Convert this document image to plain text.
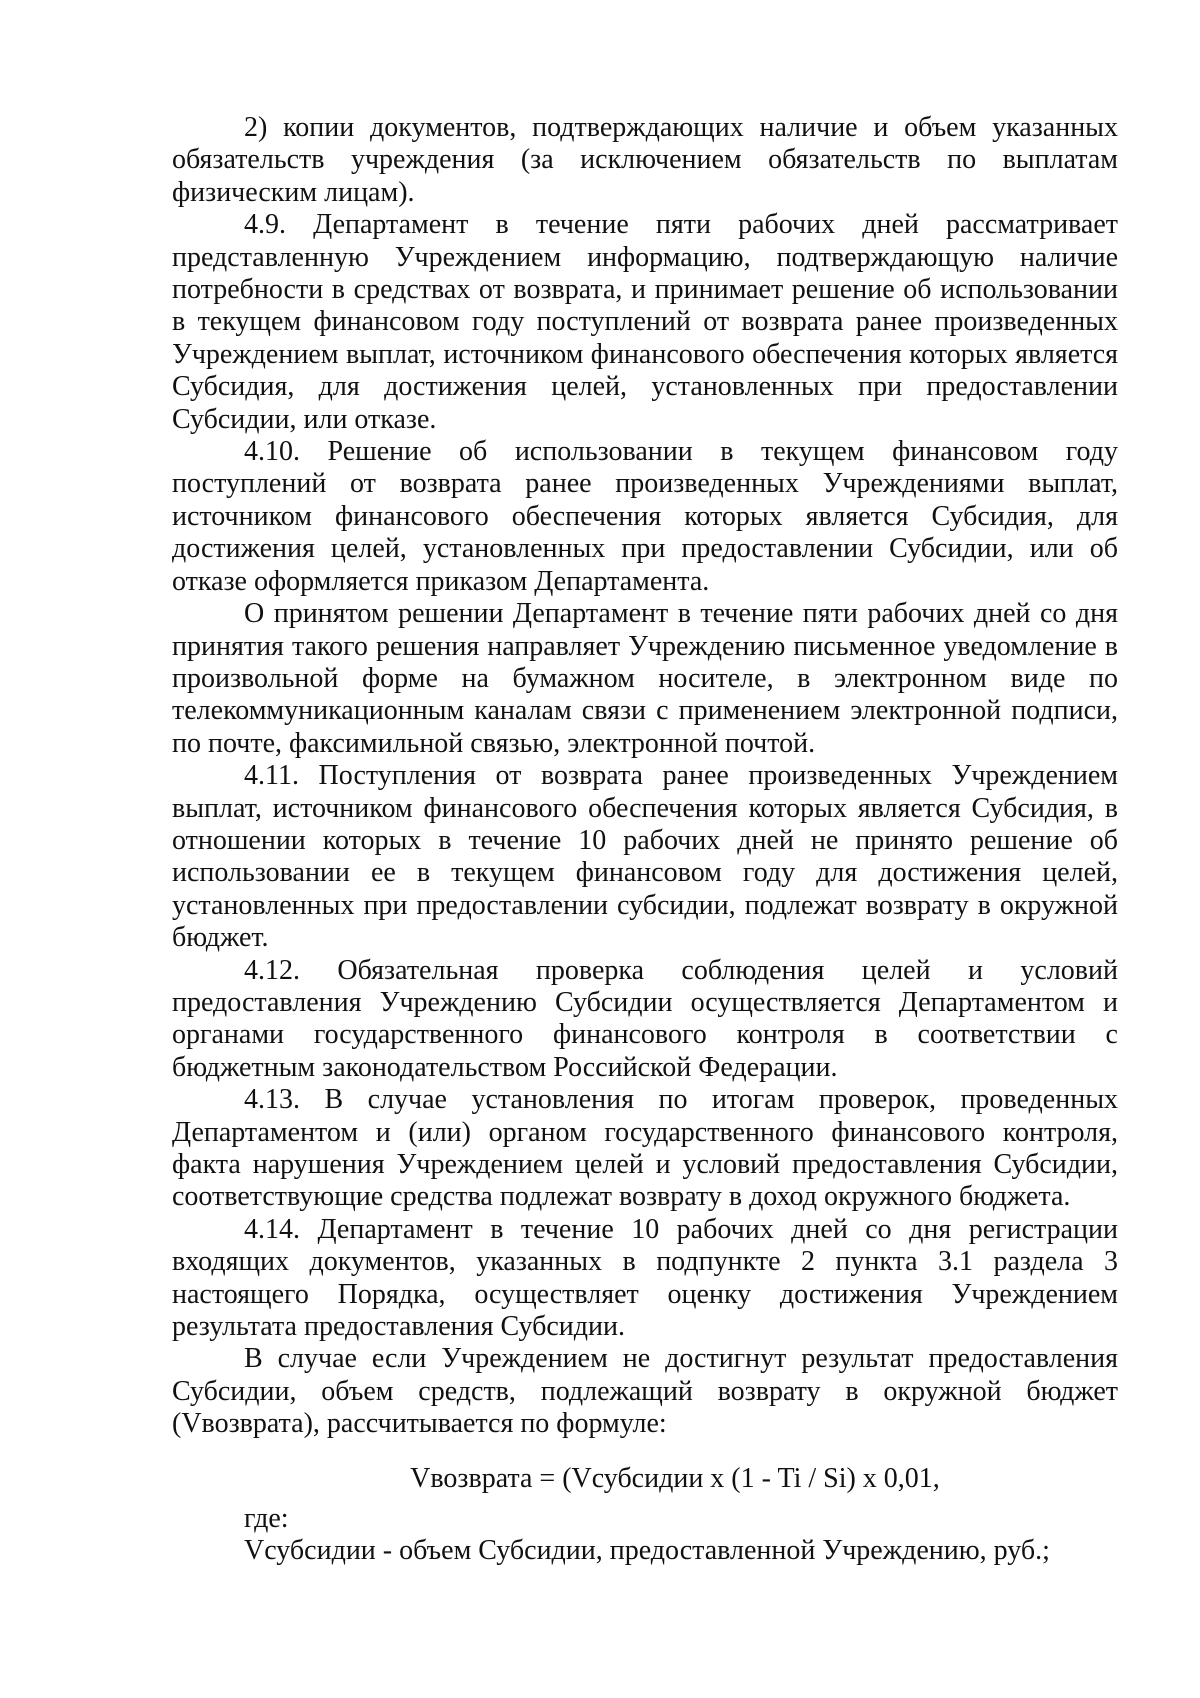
2) копии документов, подтверждающих наличие и объем указанных обязательств учреждения (за исключением обязательств по выплатам физическим лицам).

4.9. Департамент в течение пяти рабочих дней рассматривает представленную Учреждением информацию, подтверждающую наличие потребности в средствах от возврата, и принимает решение об использовании в текущем финансовом году поступлений от возврата ранее произведенных Учреждением выплат, источником финансового обеспечения которых является Субсидия, для достижения целей, установленных при предоставлении Субсидии, или отказе.

4.10. Решение об использовании в текущем финансовом году поступлений от возврата ранее произведенных Учреждениями выплат, источником финансового обеспечения которых является Субсидия, для достижения целей, установленных при предоставлении Субсидии, или об отказе оформляется приказом Департамента.

О принятом решении Департамент в течение пяти рабочих дней со дня принятия такого решения направляет Учреждению письменное уведомление в произвольной форме на бумажном носителе, в электронном виде по телекоммуникационным каналам связи с применением электронной подписи, по почте, факсимильной связью, электронной почтой.

4.11. Поступления от возврата ранее произведенных Учреждением выплат, источником финансового обеспечения которых является Субсидия, в отношении которых в течение 10 рабочих дней не принято решение об использовании ее в текущем финансовом году для достижения целей, установленных при предоставлении субсидии, подлежат возврату в окружной бюджет.

4.12. Обязательная проверка соблюдения целей и условий предоставления Учреждению Субсидии осуществляется Департаментом и органами государственного финансового контроля в соответствии с бюджетным законодательством Российской Федерации.

4.13. В случае установления по итогам проверок, проведенных Департаментом и (или) органом государственного финансового контроля, факта нарушения Учреждением целей и условий предоставления Субсидии, соответствующие средства подлежат возврату в доход окружного бюджета.

4.14. Департамент в течение 10 рабочих дней со дня регистрации входящих документов, указанных в подпункте 2 пункта 3.1 раздела 3 настоящего Порядка, осуществляет оценку достижения Учреждением результата предоставления Субсидии.

В случае если Учреждением не достигнут результат предоставления Субсидии, объем средств, подлежащий возврату в окружной бюджет (Vвозврата), рассчитывается по формуле:

Vвозврата = (Vсубсидии x (1 - Ti / Si) x 0,01,
где:
Vсубсидии - объем Субсидии, предоставленной Учреждению, руб.;
